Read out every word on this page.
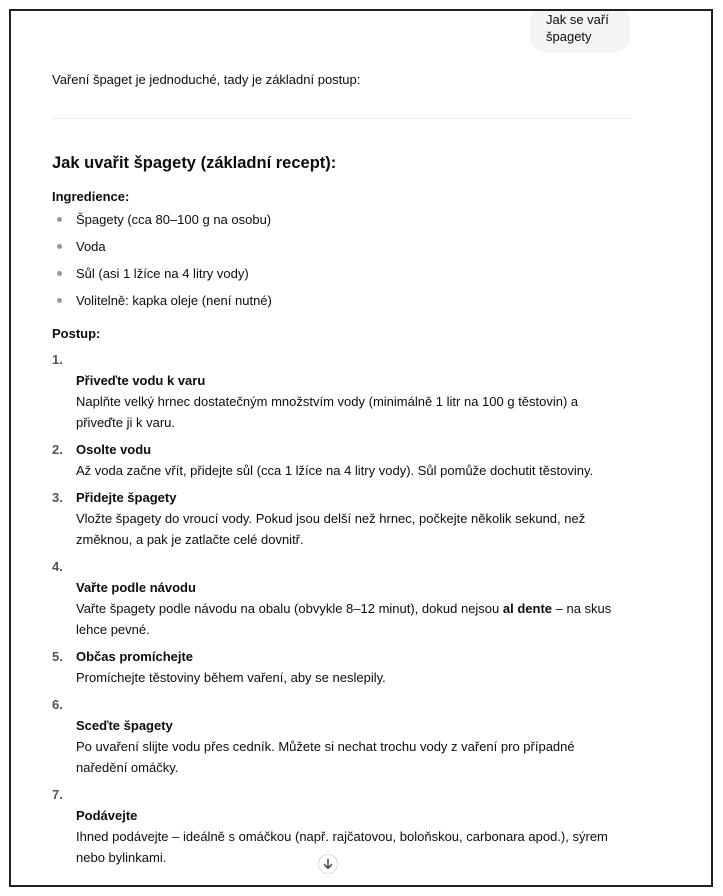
Jak se vaří špagety
Vaření špaget je jednoduché, tady je základní postup:
Jak uvařit špagety (základní recept):
Ingredience:
Špagety (cca 80–100 g na osobu)
Voda
Sůl (asi 1 lžíce na 4 litry vody)
Volitelně: kapka oleje (není nutné)
Postup:
1.
Přiveďte vodu k varu
Naplňte velký hrnec dostatečným množstvím vody (minimálně 1 litr na 100 g těstovin) a přiveďte ji k varu.
2. Osolte vodu
Až voda začne vřít, přidejte sůl (cca 1 lžíce na 4 litry vody). Sůl pomůže dochutit těstoviny.
3. Přidejte špagety
Vložte špagety do vroucí vody. Pokud jsou delší než hrnec, počkejte několik sekund, než změknou, a pak je zatlačte celé dovnitř.
4.
Vařte podle návodu
Vařte špagety podle návodu na obalu (obvykle 8–12 minut), dokud nejsou al dente – na skus lehce pevné.
5. Občas promíchejte
Promíchejte těstoviny během vaření, aby se neslepily.
6.
Sceďte špagety
Po uvaření slijte vodu přes cedník. Můžete si nechat trochu vody z vaření pro případné naředění omáčky.
7.
Podávejte
Ihned podávejte – ideálně s omáčkou (např. rajčatovou, boloňskou, carbonara apod.), sýrem nebo bylinkami.
